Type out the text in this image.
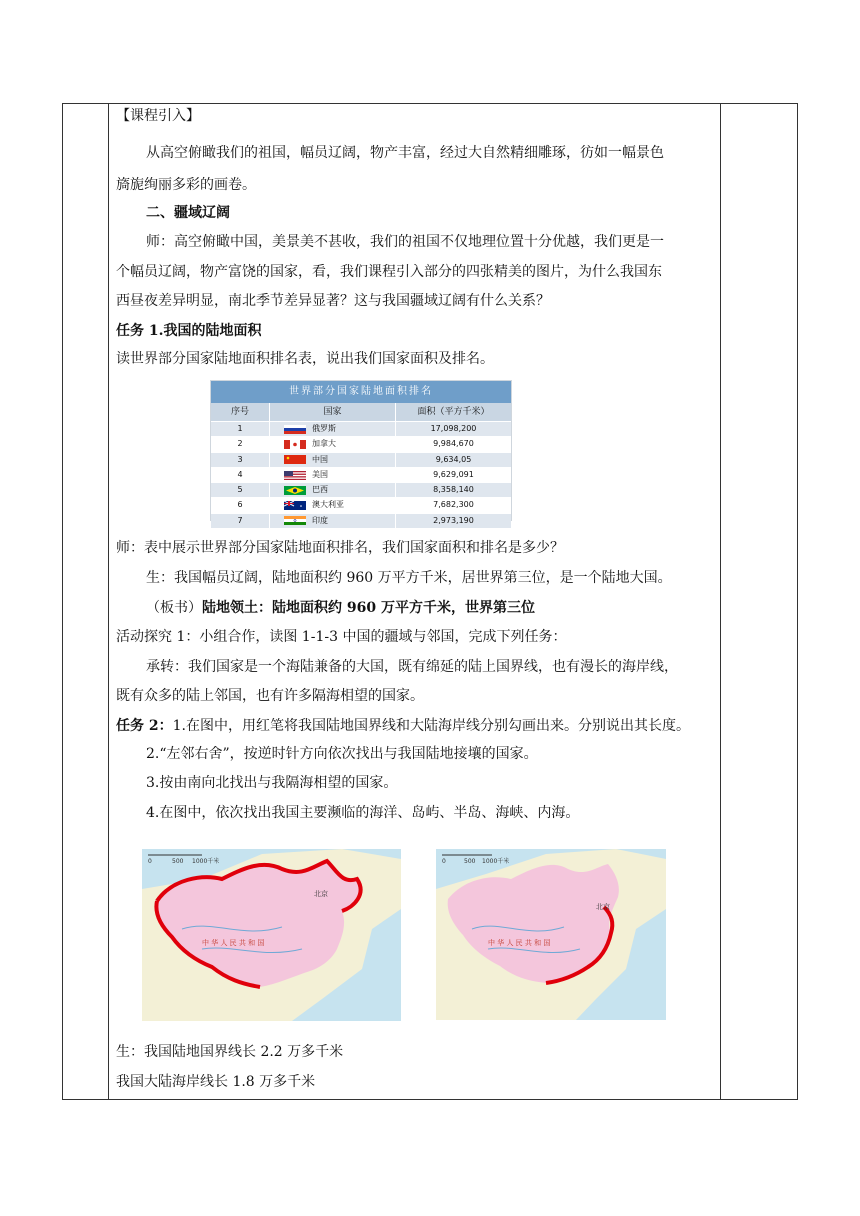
【课程引入】
从高空俯瞰我们的祖国，幅员辽阔，物产丰富，经过大自然精细雕琢，彷如一幅景色
旖旎绚丽多彩的画卷。
二、疆域辽阔
师：高空俯瞰中国，美景美不甚收，我们的祖国不仅地理位置十分优越，我们更是一
个幅员辽阔，物产富饶的国家，看，我们课程引入部分的四张精美的图片，为什么我国东
西昼夜差异明显，南北季节差异显著？这与我国疆域辽阔有什么关系？
任务 1.我国的陆地面积
读世界部分国家陆地面积排名表，说出我们国家面积及排名。
世界部分国家陆地面积排名
序号	国家	面积（平方千米）
1	俄罗斯	17,098,200
2	加拿大	9,984,670
3	中国	9,634,05
4	美国	9,629,091
5	巴西	8,358,140
6	澳大利亚	7,682,300
7	印度	2,973,190
师：表中展示世界部分国家陆地面积排名，我们国家面积和排名是多少？
生：我国幅员辽阔，陆地面积约 960 万平方千米，居世界第三位，是一个陆地大国。
（板书）陆地领土：陆地面积约 960 万平方千米，世界第三位
活动探究 1：小组合作，读图 1-1-3 中国的疆域与邻国，完成下列任务：
承转：我们国家是一个海陆兼备的大国，既有绵延的陆上国界线，也有漫长的海岸线，
既有众多的陆上邻国，也有许多隔海相望的国家。
任务 2：1.在图中，用红笔将我国陆地国界线和大陆海岸线分别勾画出来。分别说出其长度。
2.“左邻右舍”，按逆时针方向依次找出与我国陆地接壤的国家。
3.按由南向北找出与我隔海相望的国家。
4.在图中，依次找出我国主要濒临的海洋、岛屿、半岛、海峡、内海。
生：我国陆地国界线长 2.2 万多千米
我国大陆海岸线长 1.8 万多千米
0	500 1000千米
北京
中 华 人 民 共 和 国
0	500 1000千米
北京
中 华 人 民 共 和 国
